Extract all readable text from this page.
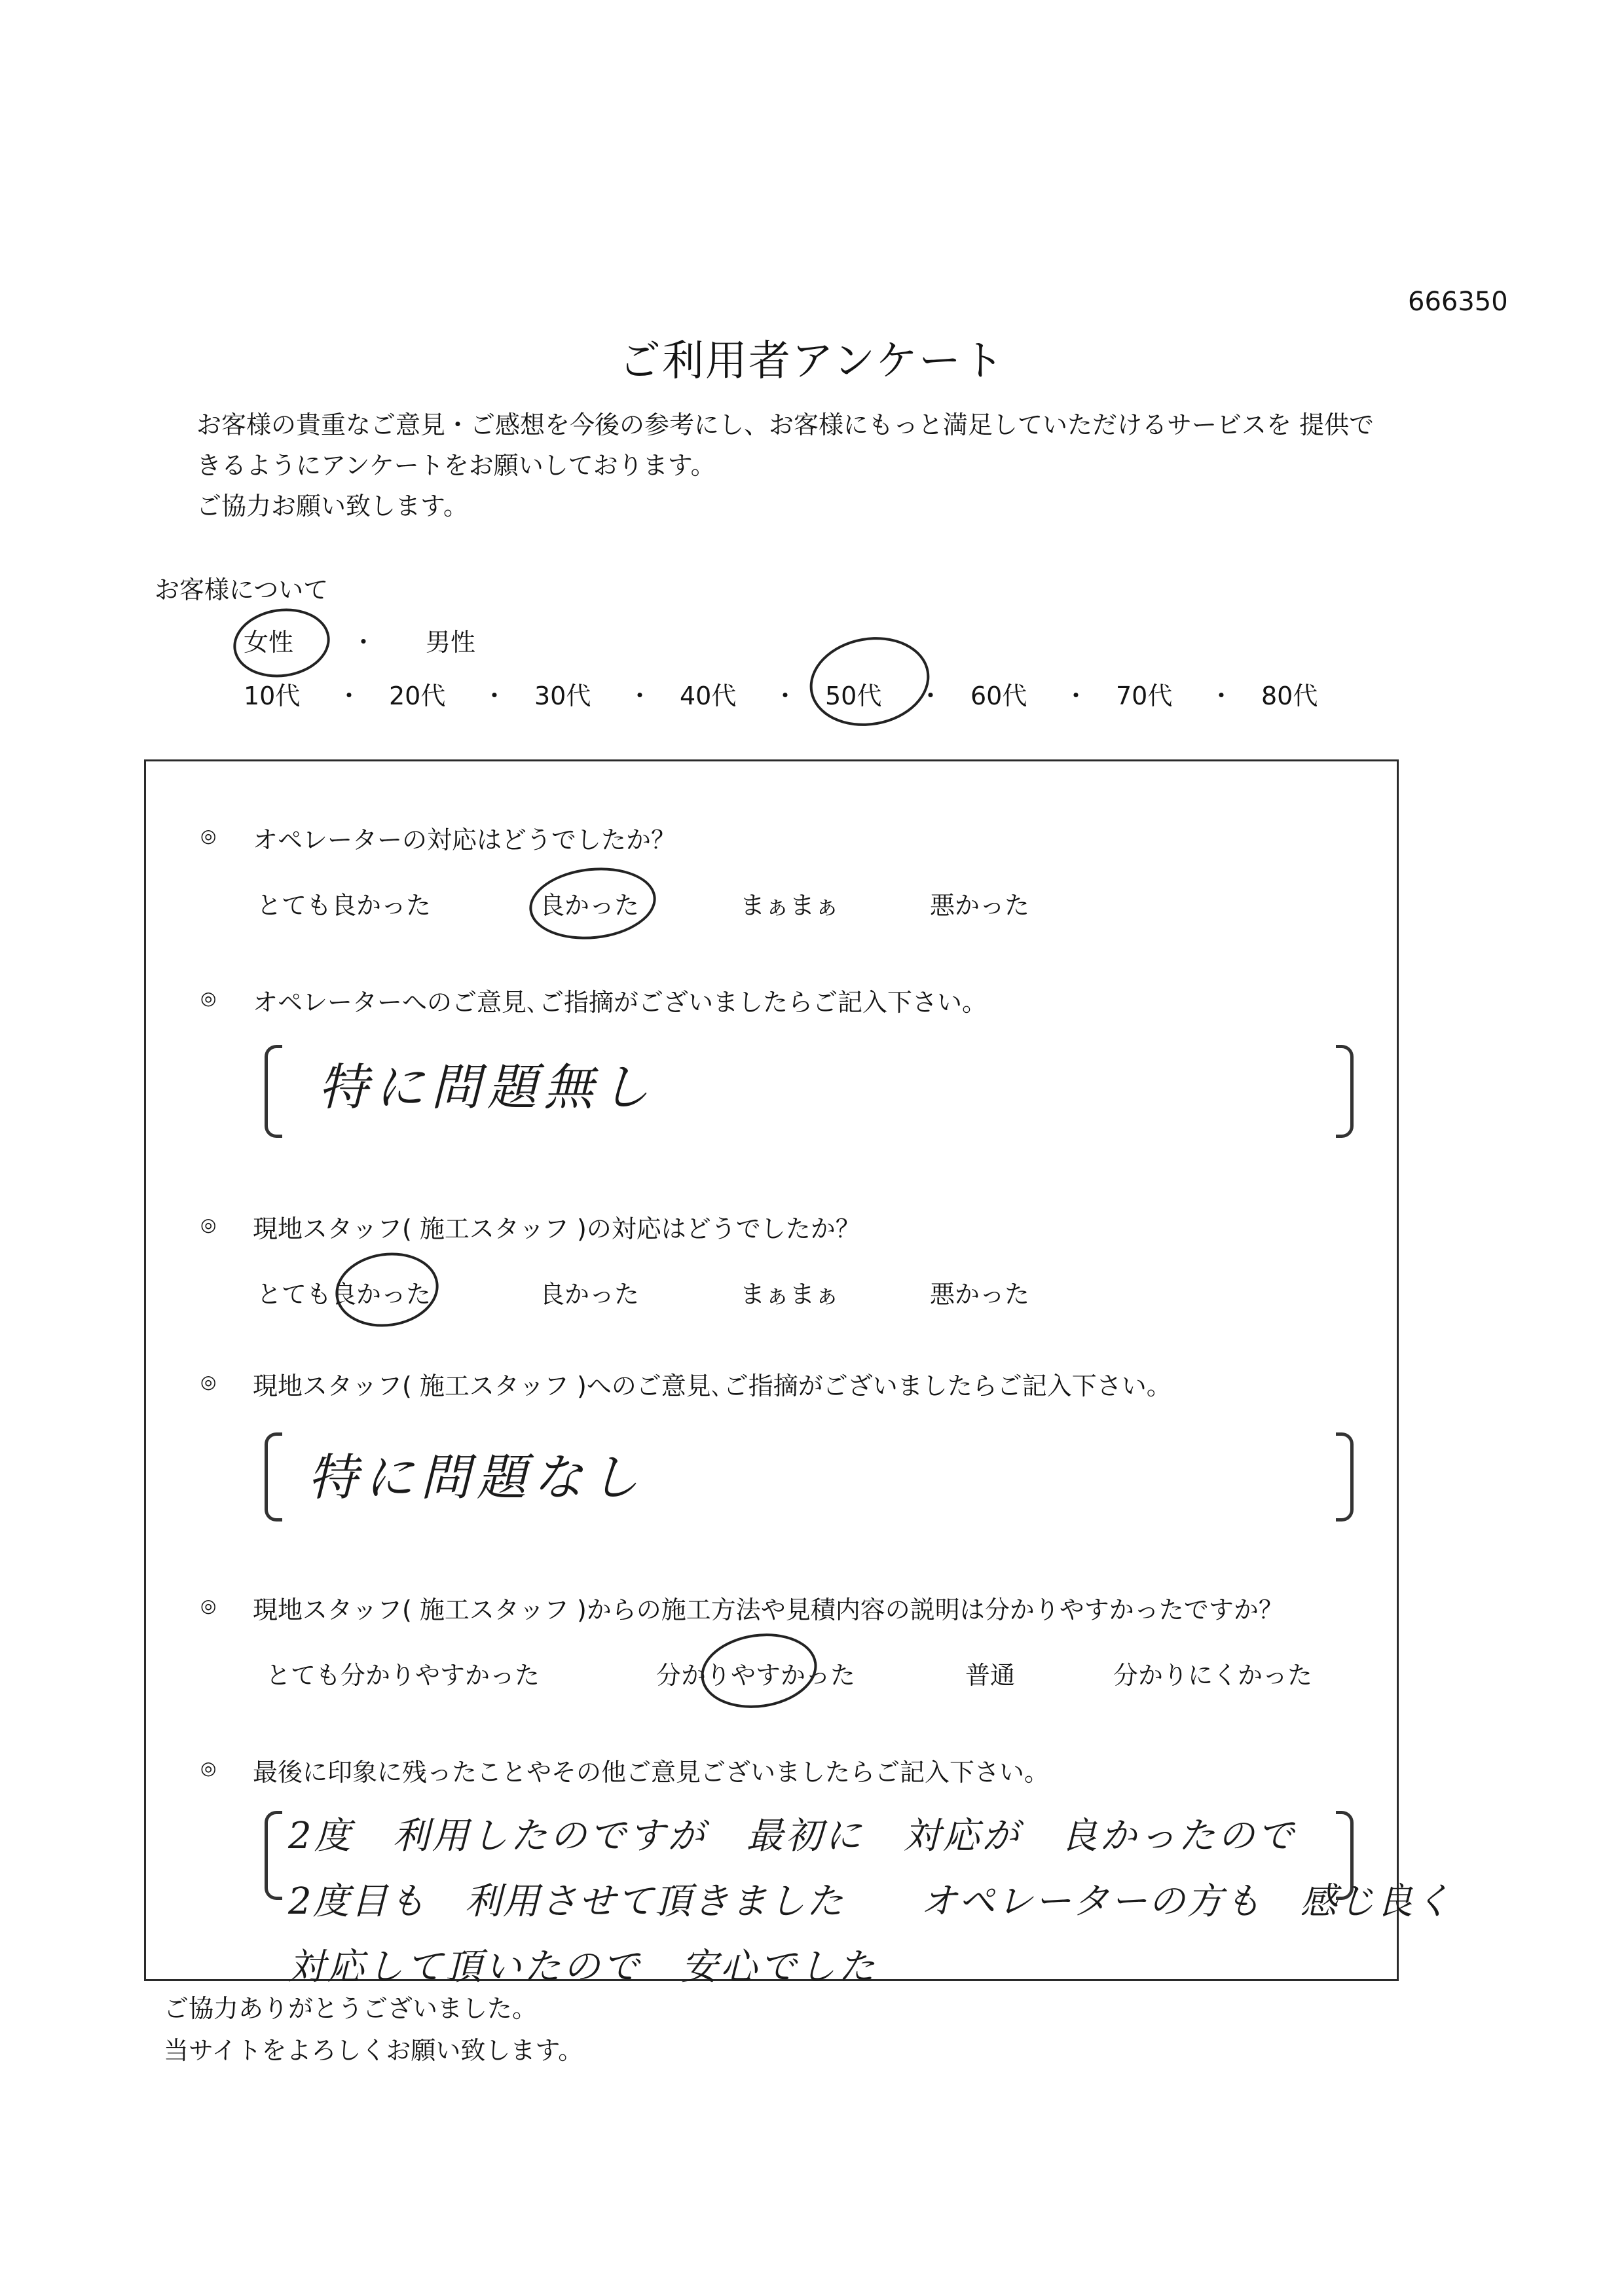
666350
ご利用者アンケート

お客様の貴重なご意見・ご感想を今後の参考にし、お客様にもっと満足していただけるサービスを 提供で

きるようにアンケートをお願いしております。

ご協力お願い致します。

お客様について
女性 ・ 男性
10代 ・ 20代 ・ 30代 ・ 40代 ・ 50代 ・ 60代 ・ 70代 ・ 80代
◎ オペレーターの対応はどうでしたか？
とても良かった	良かった	まぁまぁ	悪かった
◎ オペレーターへのご意見､ご指摘がございましたらご記入下さい。
特に問題無し
◎ 現地スタッフ( 施工スタッフ )の対応はどうでしたか？
とても良かった	良かった	まぁまぁ	悪かった
◎ 現地スタッフ( 施工スタッフ )へのご意見､ご指摘がございましたらご記入下さい。
特に問題なし
◎ 現地スタッフ( 施工スタッフ )からの施工方法や見積内容の説明は分かりやすかったですか？
とても分かりやすかった	分かりやすかった	普通	分かりにくかった
◎ 最後に印象に残ったことやその他ご意見ございましたらご記入下さい。
2度　利用したのですが　最初に　対応が　良かったので
2度目も　利用させて頂きました　　オペレーターの方も　感じ良く
対応して頂いたので　安心でした

ご協力ありがとうございました。

当サイトをよろしくお願い致します。
